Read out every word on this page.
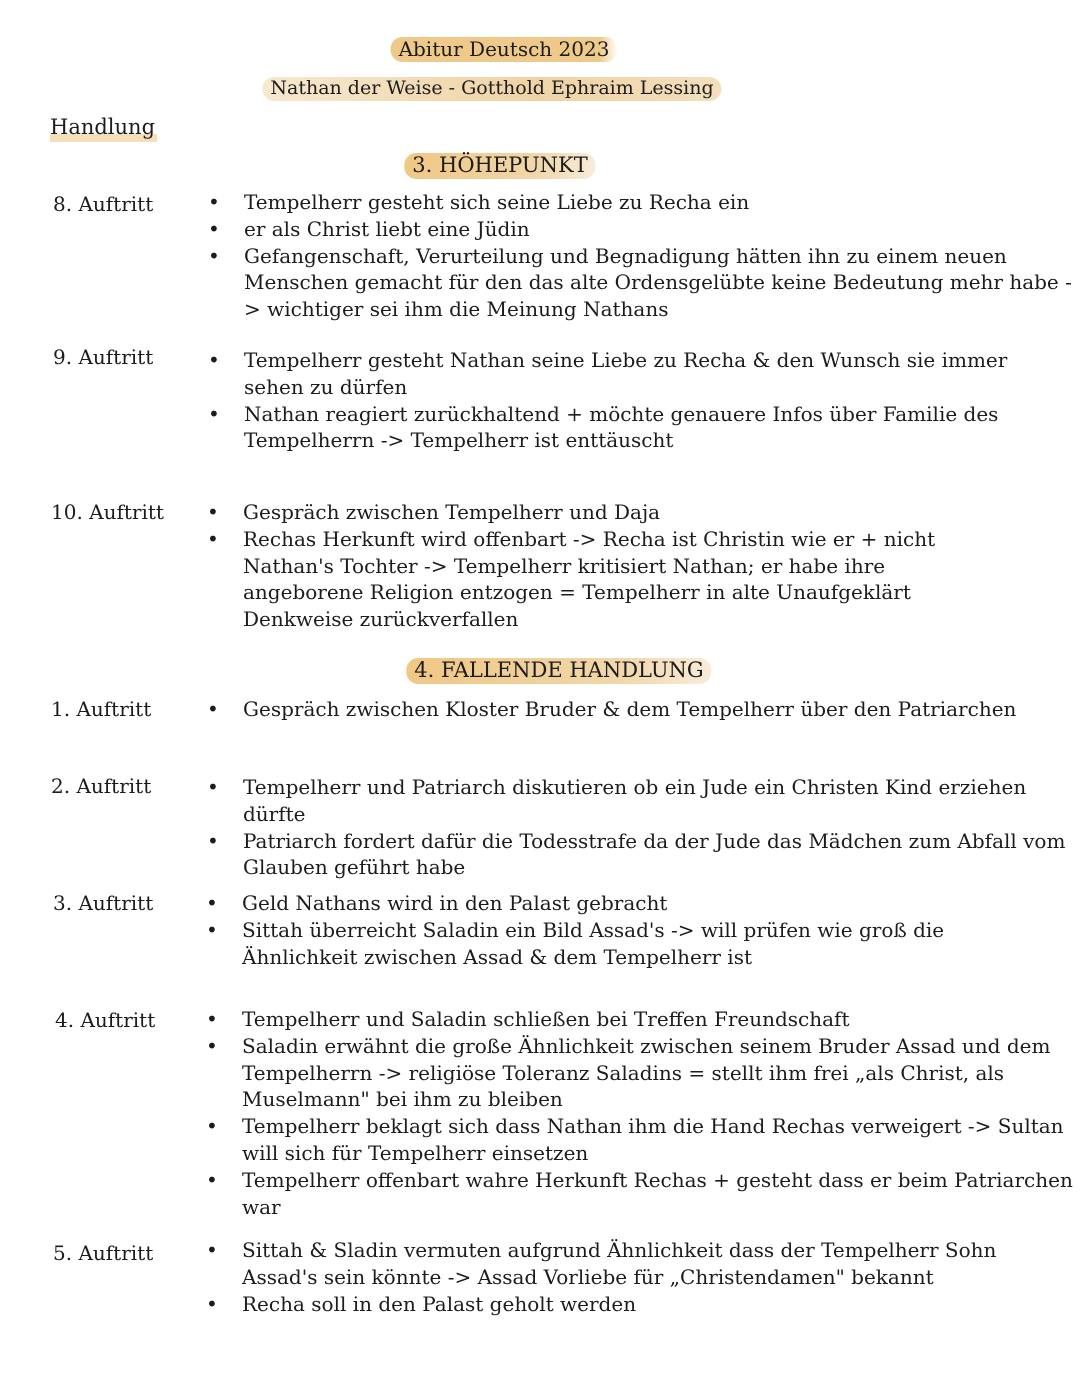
Abitur Deutsch 2023
Nathan der Weise - Gotthold Ephraim Lessing
Handlung
3. HÖHEPUNKT
8. Auftritt	• Tempelherr gesteht sich seine Liebe zu Recha ein
• er als Christ liebt eine Jüdin
• Gefangenschaft, Verurteilung und Begnadigung hätten ihn zu einem neuen Menschen gemacht für den das alte Ordensgelübte keine Bedeutung mehr habe -> wichtiger sei ihm die Meinung Nathans
9. Auftritt	• Tempelherr gesteht Nathan seine Liebe zu Recha & den Wunsch sie immer sehen zu dürfen
• Nathan reagiert zurückhaltend + möchte genauere Infos über Familie des Tempelherrn -> Tempelherr ist enttäuscht
10. Auftritt	• Gespräch zwischen Tempelherr und Daja
• Rechas Herkunft wird offenbart -> Recha ist Christin wie er + nicht Nathan's Tochter -> Tempelherr kritisiert Nathan; er habe ihre angeborene Religion entzogen = Tempelherr in alte Unaufgeklärt Denkweise zurückverfallen
4. FALLENDE HANDLUNG
1. Auftritt	• Gespräch zwischen Kloster Bruder & dem Tempelherr über den Patriarchen
2. Auftritt	• Tempelherr und Patriarch diskutieren ob ein Jude ein Christen Kind erziehen dürfte
• Patriarch fordert dafür die Todesstrafe da der Jude das Mädchen zum Abfall vom Glauben geführt habe
3. Auftritt	• Geld Nathans wird in den Palast gebracht
• Sittah überreicht Saladin ein Bild Assad's -> will prüfen wie groß die Ähnlichkeit zwischen Assad & dem Tempelherr ist
4. Auftritt	• Tempelherr und Saladin schließen bei Treffen Freundschaft
• Saladin erwähnt die große Ähnlichkeit zwischen seinem Bruder Assad und dem Tempelherrn -> religiöse Toleranz Saladins = stellt ihm frei „als Christ, als Muselmann" bei ihm zu bleiben
• Tempelherr beklagt sich dass Nathan ihm die Hand Rechas verweigert -> Sultan will sich für Tempelherr einsetzen
• Tempelherr offenbart wahre Herkunft Rechas + gesteht dass er beim Patriarchen war
5. Auftritt	• Sittah & Sladin vermuten aufgrund Ähnlichkeit dass der Tempelherr Sohn Assad's sein könnte -> Assad Vorliebe für „Christendamen" bekannt
• Recha soll in den Palast geholt werden
